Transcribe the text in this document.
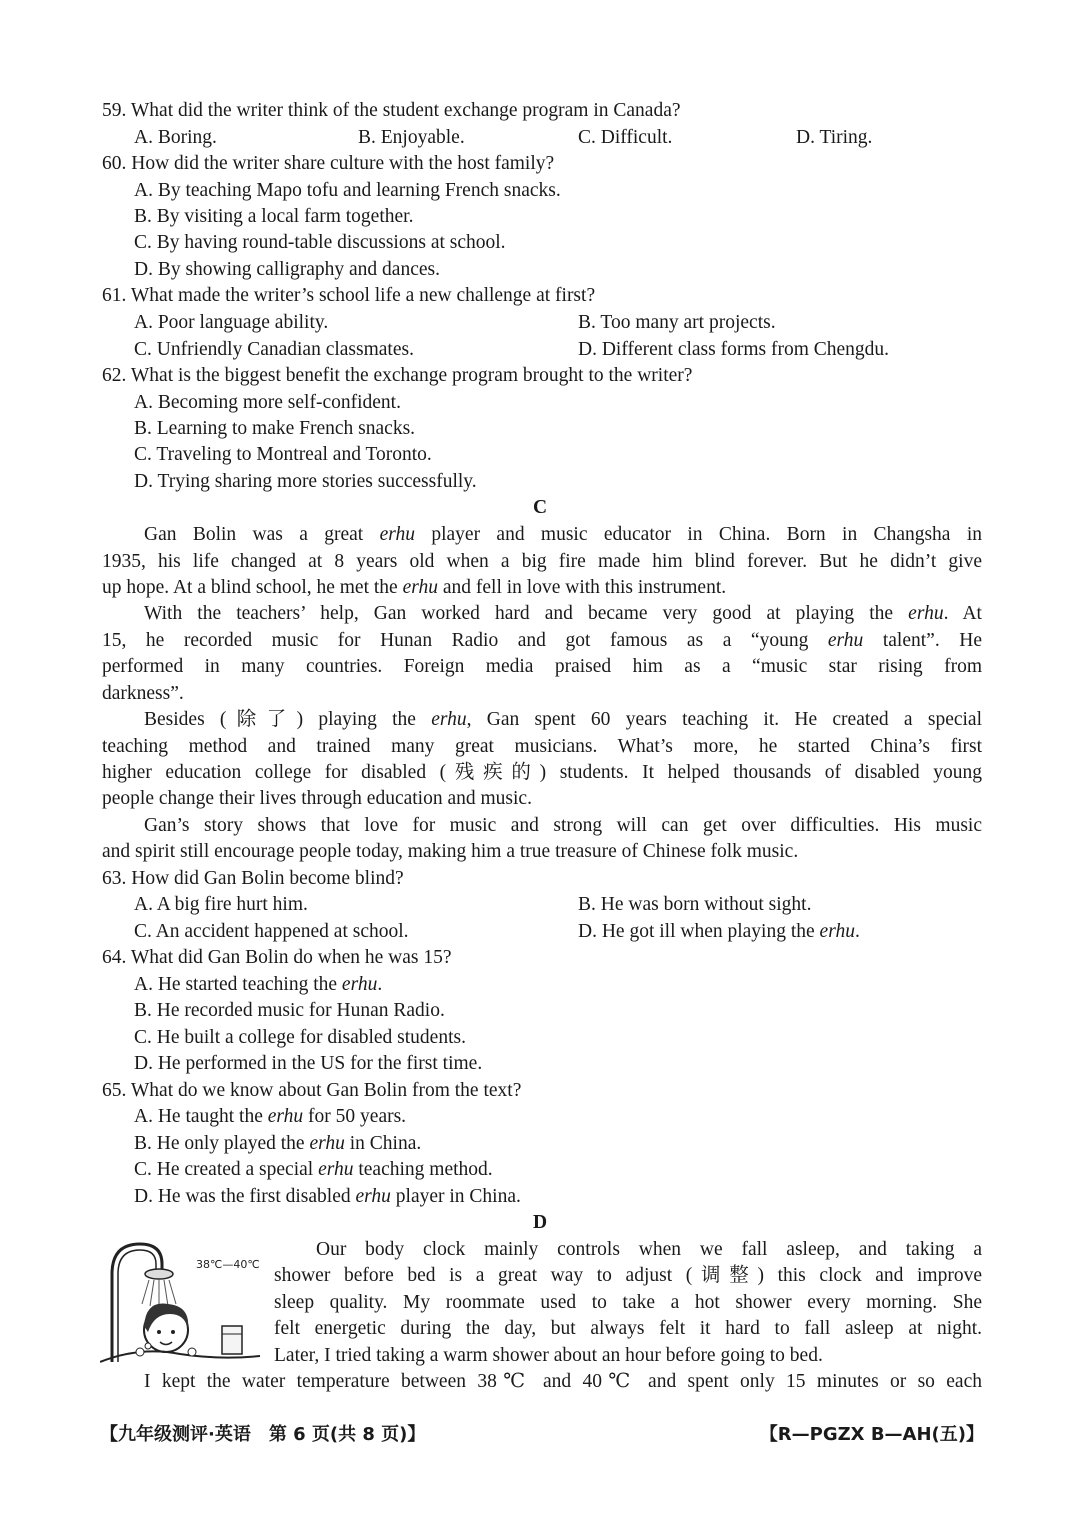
59. What did the writer think of the student exchange program in Canada?
A. Boring.	B. Enjoyable.	C. Difficult.	D. Tiring.
60. How did the writer share culture with the host family?
A. By teaching Mapo tofu and learning French snacks.
B. By visiting a local farm together.
C. By having round-table discussions at school.
D. By showing calligraphy and dances.
61. What made the writer’s school life a new challenge at first?
A. Poor language ability.	B. Too many art projects.
C. Unfriendly Canadian classmates.	D. Different class forms from Chengdu.
62. What is the biggest benefit the exchange program brought to the writer?
A. Becoming more self-confident.
B. Learning to make French snacks.
C. Traveling to Montreal and Toronto.
D. Trying sharing more stories successfully.
C
Gan Bolin was a great erhu player and music educator in China. Born in Changsha in
1935, his life changed at 8 years old when a big fire made him blind forever. But he didn’t give
up hope. At a blind school, he met the erhu and fell in love with this instrument.
With the teachers’ help, Gan worked hard and became very good at playing the erhu. At
15, he recorded music for Hunan Radio and got famous as a “young erhu talent”. He
performed in many countries. Foreign media praised him as a “music star rising from
darkness”.
Besides (除了) playing the erhu, Gan spent 60 years teaching it. He created a special
teaching method and trained many great musicians. What’s more, he started China’s first
higher education college for disabled (残疾的) students. It helped thousands of disabled young
people change their lives through education and music.
Gan’s story shows that love for music and strong will can get over difficulties. His music
and spirit still encourage people today, making him a true treasure of Chinese folk music.
63. How did Gan Bolin become blind?
A. A big fire hurt him.	B. He was born without sight.
C. An accident happened at school.	D. He got ill when playing the erhu.
64. What did Gan Bolin do when he was 15?
A. He started teaching the erhu.
B. He recorded music for Hunan Radio.
C. He built a college for disabled students.
D. He performed in the US for the first time.
65. What do we know about Gan Bolin from the text?
A. He taught the erhu for 50 years.
B. He only played the erhu in China.
C. He created a special erhu teaching method.
D. He was the first disabled erhu player in China.
D
38℃—40℃
Our body clock mainly controls when we fall asleep, and taking a
shower before bed is a great way to adjust (调整) this clock and improve
sleep quality. My roommate used to take a hot shower every morning. She
felt energetic during the day, but always felt it hard to fall asleep at night.
Later, I tried taking a warm shower about an hour before going to bed.
I kept the water temperature between 38℃ and 40℃ and spent only 15 minutes or so each
【九年级测评·英语　第 6 页(共 8 页)】	【R—PGZX B—AH(五)】
